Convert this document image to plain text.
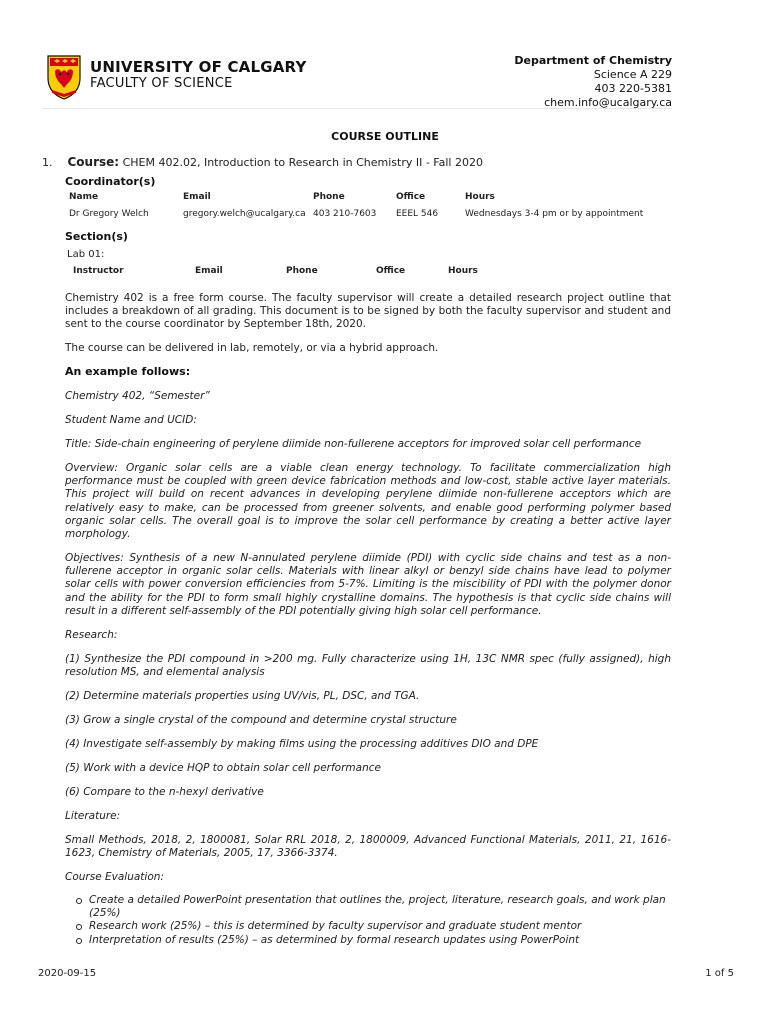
UNIVERSITY OF CALGARY
FACULTY OF SCIENCE
Department of Chemistry
Science A 229
403 220-5381
chem.info@ucalgary.ca
COURSE OUTLINE
1. Course: CHEM 402.02, Introduction to Research in Chemistry II - Fall 2020
Coordinator(s)
Name	Email	Phone	Office	Hours
Dr Gregory Welch	gregory.welch@ucalgary.ca	403 210-7603	EEEL 546	Wednesdays 3-4 pm or by appointment
Section(s)
Lab 01:
Instructor	Email	Phone	Office	Hours
Chemistry 402 is a free form course. The faculty supervisor will create a detailed research project outline that includes a breakdown of all grading. This document is to be signed by both the faculty supervisor and student and sent to the course coordinator by September 18th, 2020.
The course can be delivered in lab, remotely, or via a hybrid approach.
An example follows:
Chemistry 402, “Semester”
Student Name and UCID:
Title: Side-chain engineering of perylene diimide non-fullerene acceptors for improved solar cell performance
Overview: Organic solar cells are a viable clean energy technology. To facilitate commercialization high performance must be coupled with green device fabrication methods and low-cost, stable active layer materials. This project will build on recent advances in developing perylene diimide non-fullerene acceptors which are relatively easy to make, can be processed from greener solvents, and enable good performing polymer based organic solar cells. The overall goal is to improve the solar cell performance by creating a better active layer morphology.
Objectives: Synthesis of a new N-annulated perylene diimide (PDI) with cyclic side chains and test as a non-fullerene acceptor in organic solar cells. Materials with linear alkyl or benzyl side chains have lead to polymer solar cells with power conversion efficiencies from 5-7%. Limiting is the miscibility of PDI with the polymer donor and the ability for the PDI to form small highly crystalline domains. The hypothesis is that cyclic side chains will result in a different self-assembly of the PDI potentially giving high solar cell performance.
Research:
(1) Synthesize the PDI compound in >200 mg. Fully characterize using 1H, 13C NMR spec (fully assigned), high resolution MS, and elemental analysis
(2) Determine materials properties using UV/vis, PL, DSC, and TGA.
(3) Grow a single crystal of the compound and determine crystal structure
(4) Investigate self-assembly by making films using the processing additives DIO and DPE
(5) Work with a device HQP to obtain solar cell performance
(6) Compare to the n-hexyl derivative
Literature:
Small Methods, 2018, 2, 1800081, Solar RRL 2018, 2, 1800009, Advanced Functional Materials, 2011, 21, 1616-1623, Chemistry of Materials, 2005, 17, 3366-3374.
Course Evaluation:
Create a detailed PowerPoint presentation that outlines the, project, literature, research goals, and work plan (25%)
Research work (25%) – this is determined by faculty supervisor and graduate student mentor
Interpretation of results (25%) – as determined by formal research updates using PowerPoint
2020-09-15	1 of 5
